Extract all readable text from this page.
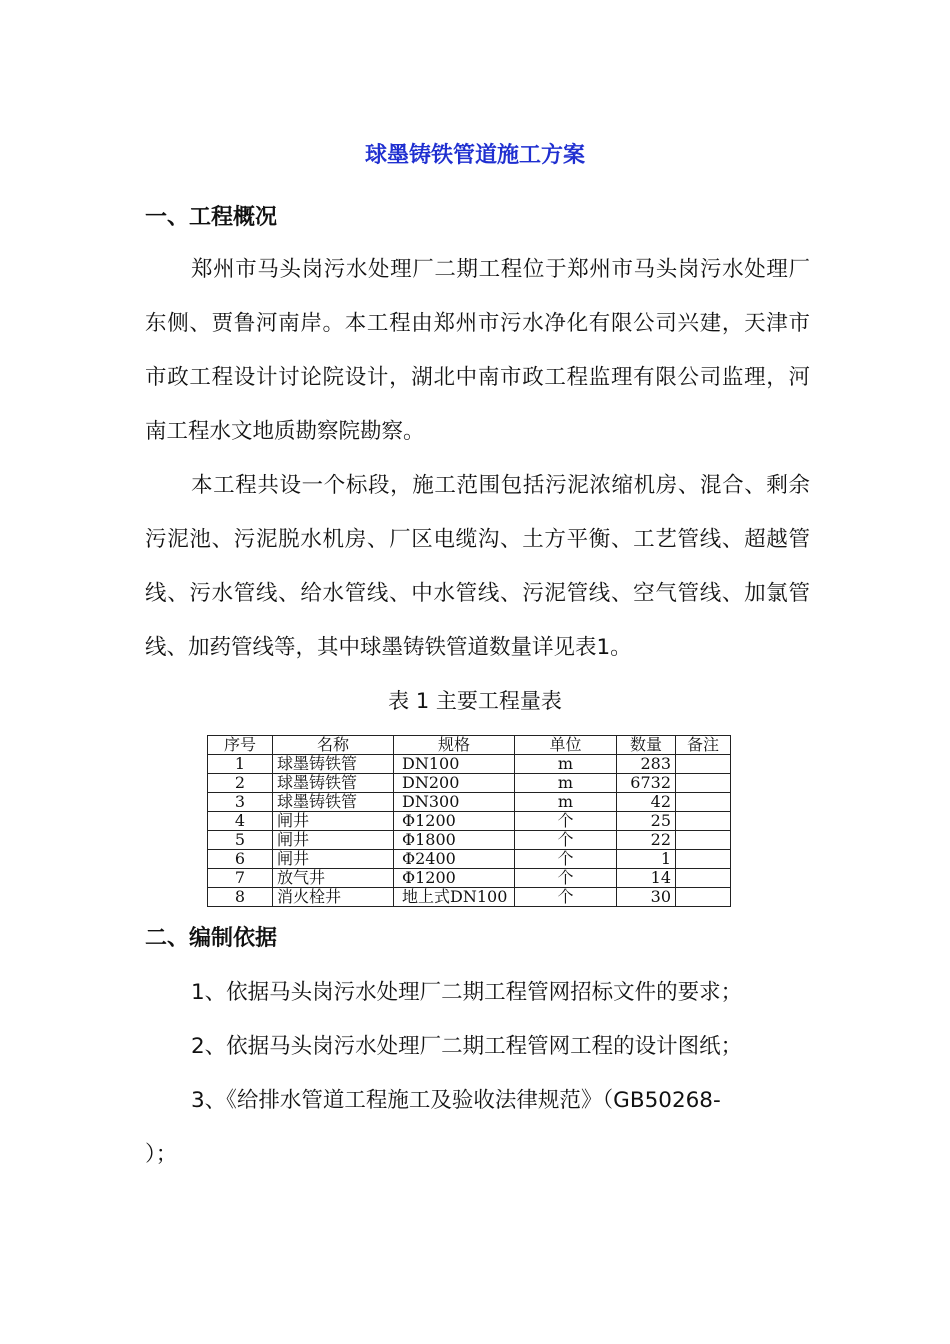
球墨铸铁管道施工方案
一、工程概况
郑州市马头岗污水处理厂二期工程位于郑州市马头岗污水处理厂东侧、贾鲁河南岸。本工程由郑州市污水净化有限公司兴建，天津市市政工程设计讨论院设计，湖北中南市政工程监理有限公司监理，河南工程水文地质勘察院勘察。
本工程共设一个标段，施工范围包括污泥浓缩机房、混合、剩余污泥池、污泥脱水机房、厂区电缆沟、土方平衡、工艺管线、超越管线、污水管线、给水管线、中水管线、污泥管线、空气管线、加氯管线、加药管线等，其中球墨铸铁管道数量详见表1。
表 1 主要工程量表
序号	名称	规格	单位	数量	备注
1	球墨铸铁管	DN100	m	283	
2	球墨铸铁管	DN200	m	6732	
3	球墨铸铁管	DN300	m	42	
4	闸井	Φ1200	个	25	
5	闸井	Φ1800	个	22	
6	闸井	Φ2400	个	1	
7	放气井	Φ1200	个	14	
8	消火栓井	地上式DN100	个	30	
二、编制依据
1、依据马头岗污水处理厂二期工程管网招标文件的要求；
2、依据马头岗污水处理厂二期工程管网工程的设计图纸；
3、《给排水管道工程施工及验收法律规范》（GB50268-
）；
